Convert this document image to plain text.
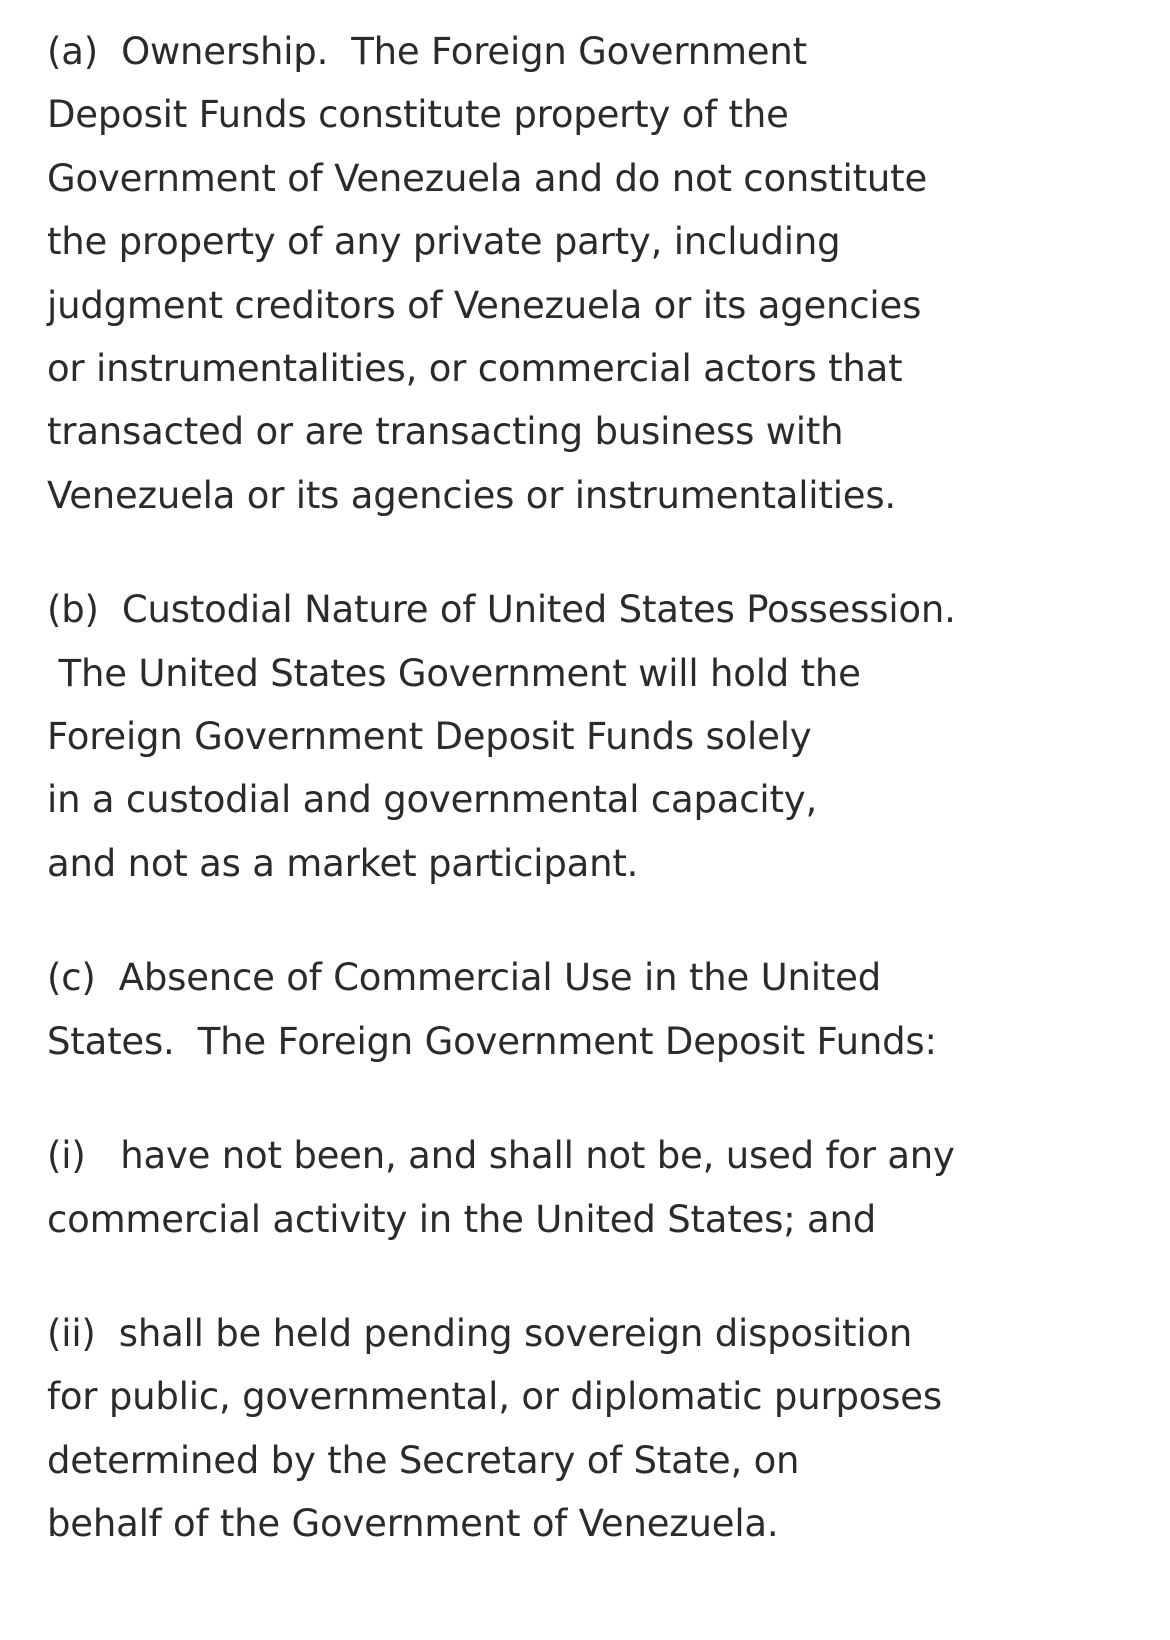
(a)  Ownership.  The Foreign Government
Deposit Funds constitute property of the
Government of Venezuela and do not constitute
the property of any private party, including
judgment creditors of Venezuela or its agencies
or instrumentalities, or commercial actors that
transacted or are transacting business with
Venezuela or its agencies or instrumentalities.

(b)  Custodial Nature of United States Possession.
The United States Government will hold the
Foreign Government Deposit Funds solely
in a custodial and governmental capacity,
and not as a market participant.

(c)  Absence of Commercial Use in the United
States.  The Foreign Government Deposit Funds:

(i)   have not been, and shall not be, used for any
commercial activity in the United States; and

(ii)  shall be held pending sovereign disposition
for public, governmental, or diplomatic purposes
determined by the Secretary of State, on
behalf of the Government of Venezuela.
